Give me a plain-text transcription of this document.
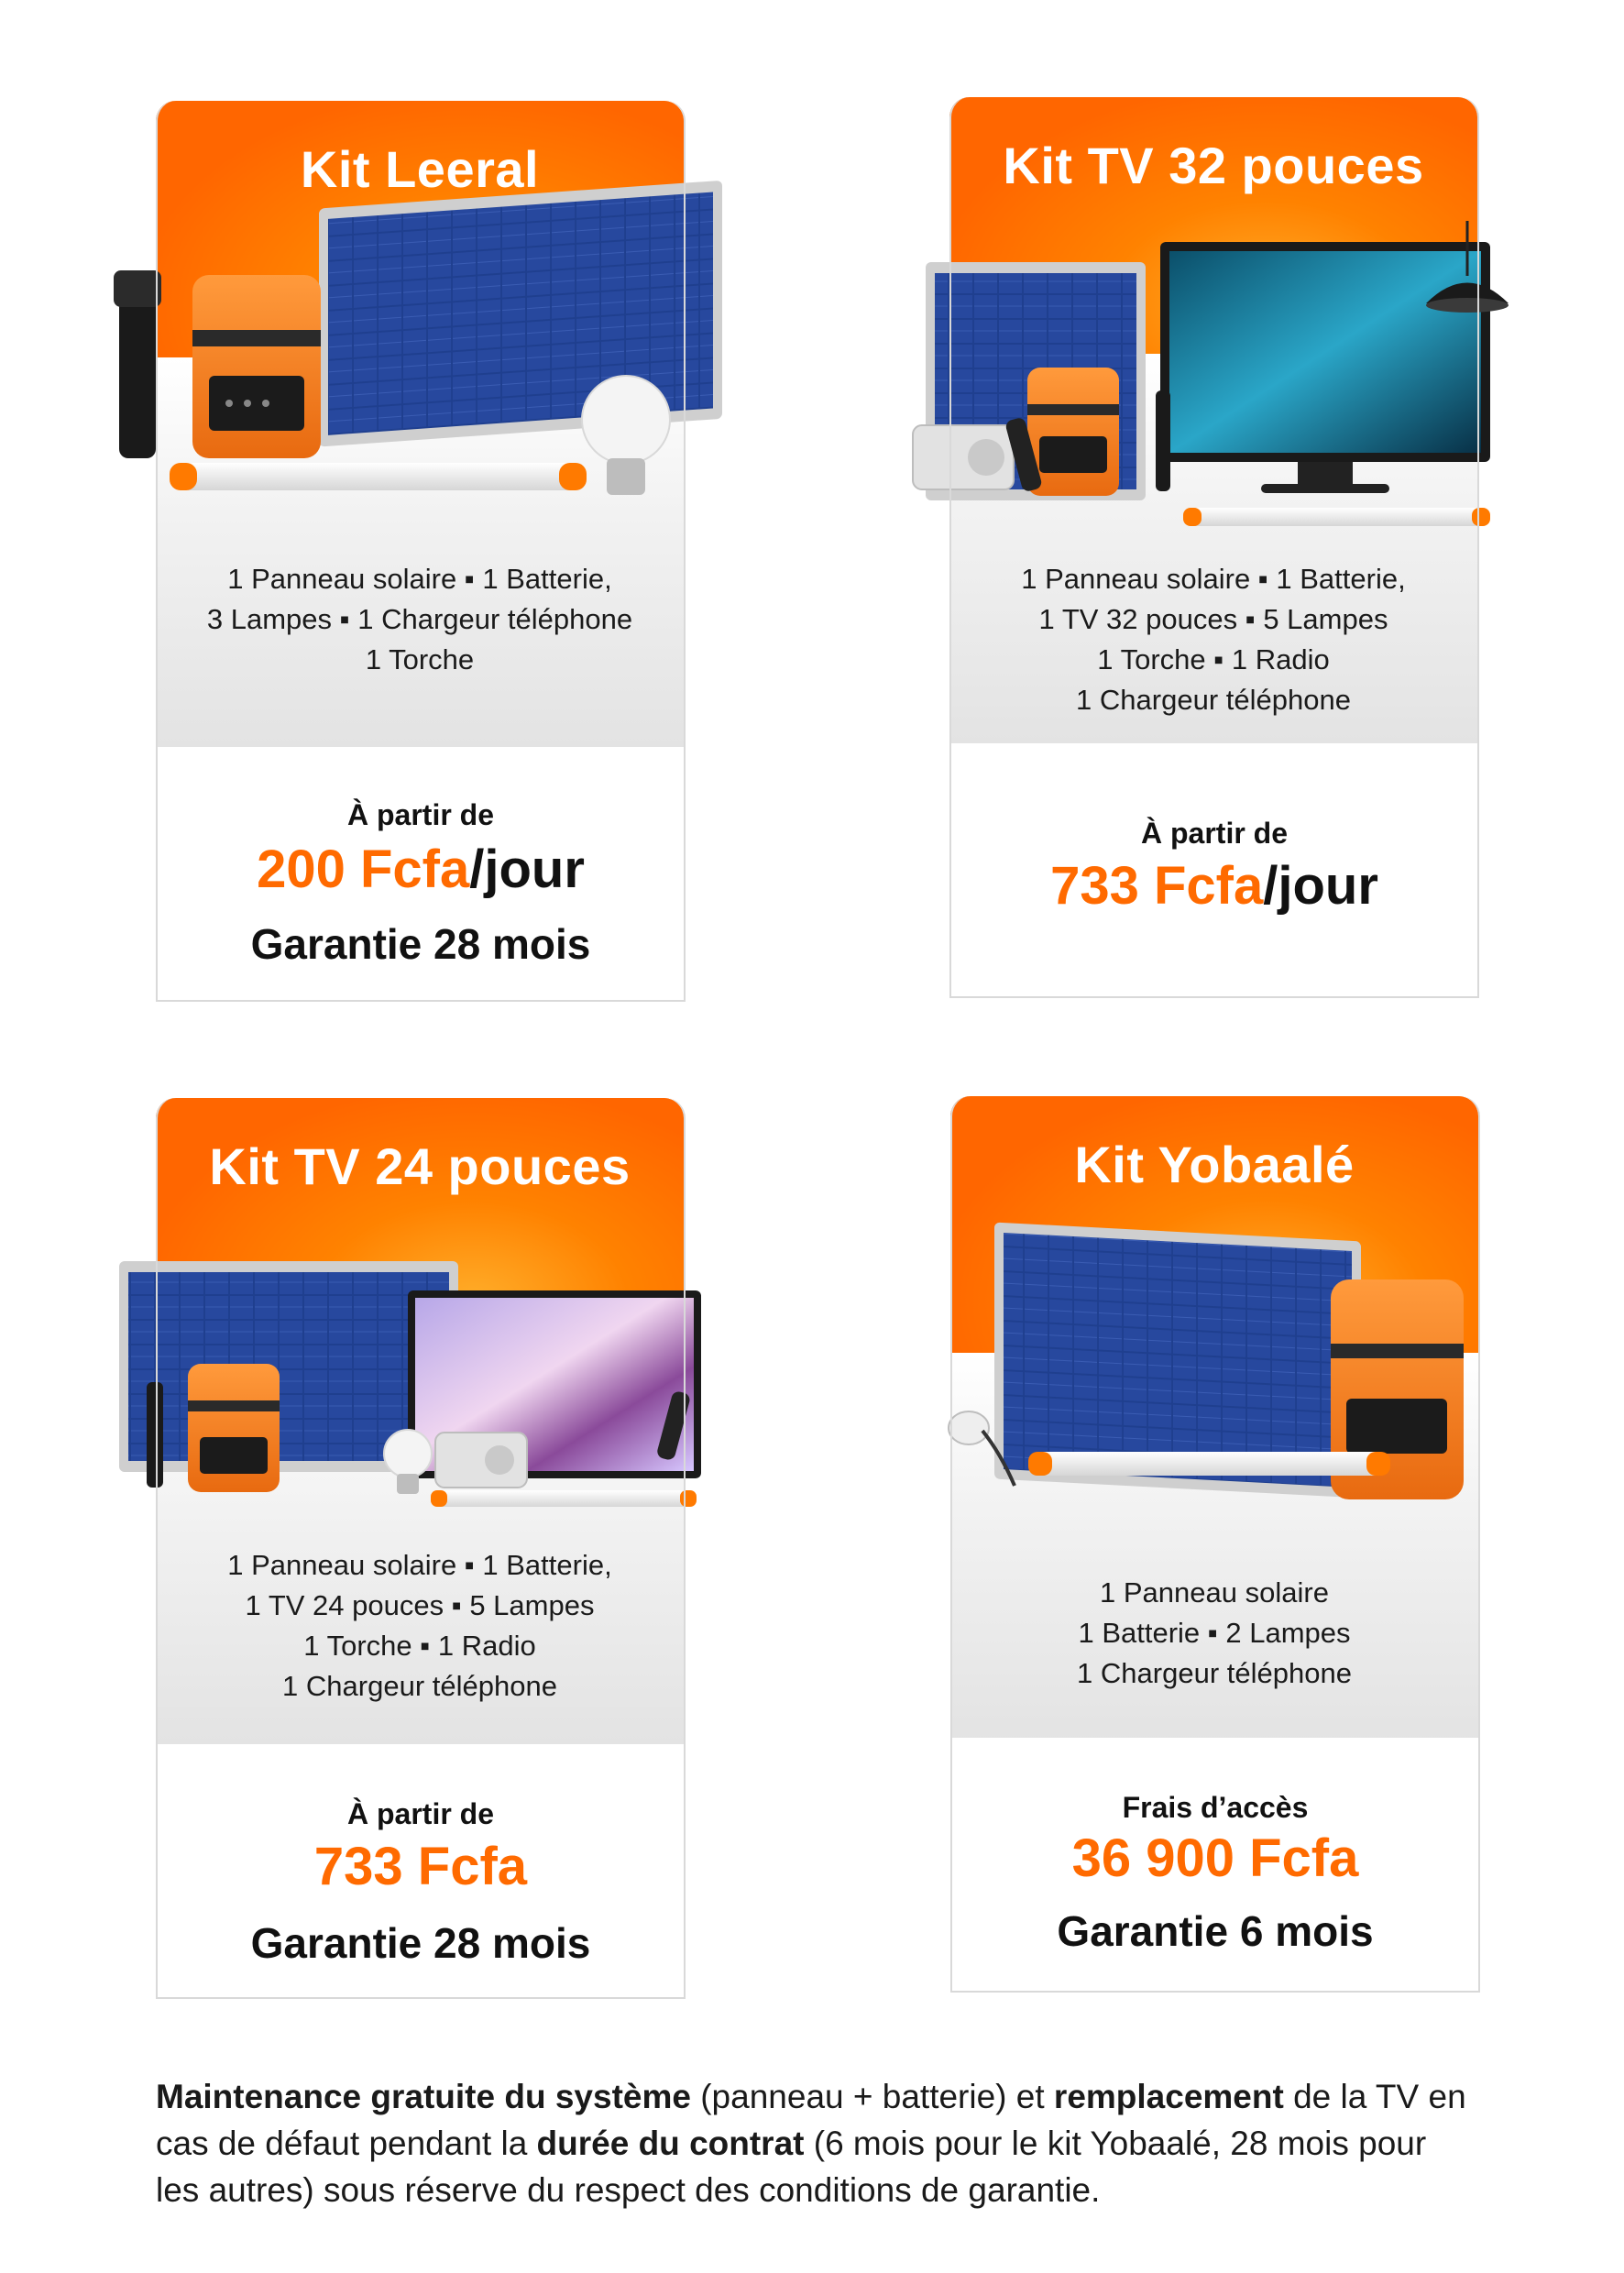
Kit Leeral
1 Panneau solaire ▪ 1 Batterie,
3 Lampes ▪ 1 Chargeur téléphone
1 Torche
À partir de
200 Fcfa/jour
Garantie 28 mois
Kit TV 32 pouces
1 Panneau solaire ▪ 1 Batterie,
1 TV 32 pouces ▪ 5 Lampes
1 Torche ▪ 1 Radio
1 Chargeur téléphone
À partir de
733 Fcfa/jour
Kit TV 24 pouces
1 Panneau solaire ▪ 1 Batterie,
1 TV 24 pouces ▪ 5 Lampes
1 Torche ▪ 1 Radio
1 Chargeur téléphone
À partir de
733 Fcfa
Garantie 28 mois
Kit Yobaalé
1 Panneau solaire
1 Batterie ▪ 2 Lampes
1 Chargeur téléphone
Frais d’accès
36 900 Fcfa
Garantie 6 mois
Maintenance gratuite du système (panneau + batterie) et remplacement de la TV en cas de défaut pendant la durée du contrat (6 mois pour le kit Yobaalé, 28 mois pour les autres) sous réserve du respect des conditions de garantie.
